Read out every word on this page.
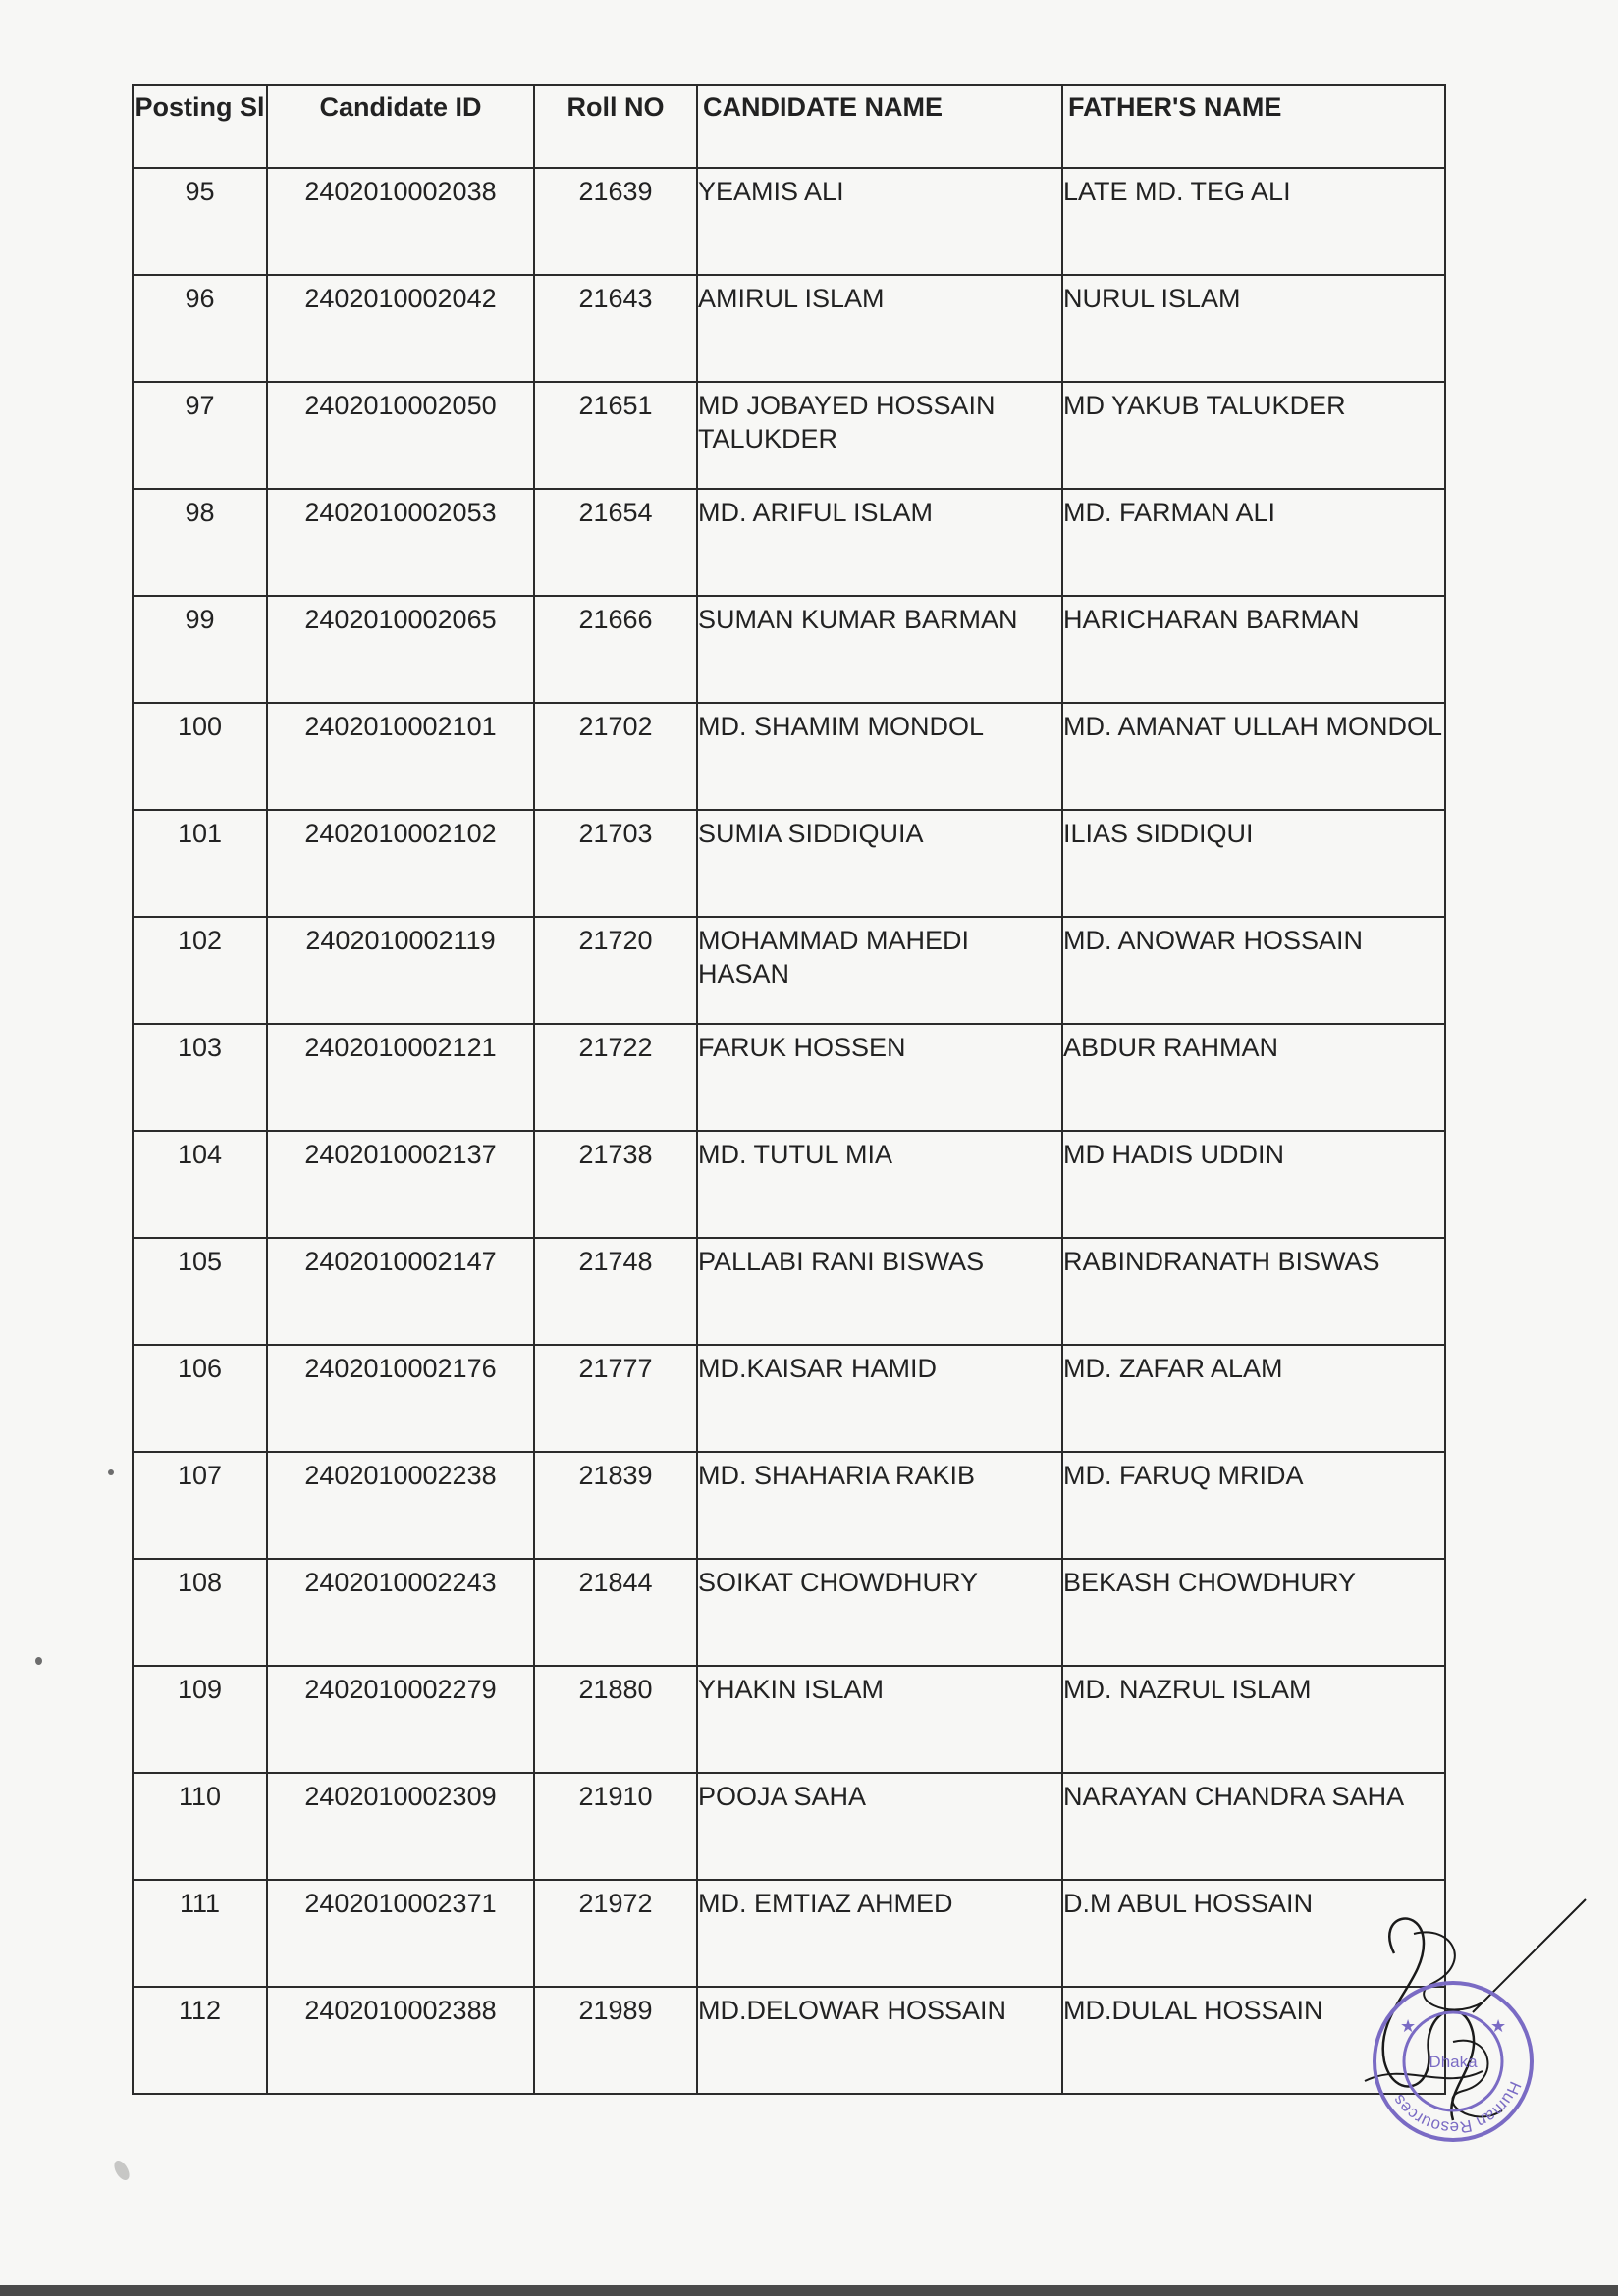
Posting Sl	Candidate ID	Roll NO	CANDIDATE NAME	FATHER'S NAME
95	2402010002038	21639	YEAMIS ALI	LATE MD. TEG ALI
96	2402010002042	21643	AMIRUL ISLAM	NURUL ISLAM
97	2402010002050	21651	MD JOBAYED HOSSAIN TALUKDER	MD YAKUB TALUKDER
98	2402010002053	21654	MD. ARIFUL ISLAM	MD. FARMAN ALI
99	2402010002065	21666	SUMAN KUMAR BARMAN	HARICHARAN BARMAN
100	2402010002101	21702	MD. SHAMIM MONDOL	MD. AMANAT ULLAH MONDOL
101	2402010002102	21703	SUMIA SIDDIQUIA	ILIAS SIDDIQUI
102	2402010002119	21720	MOHAMMAD MAHEDI HASAN	MD. ANOWAR HOSSAIN
103	2402010002121	21722	FARUK HOSSEN	ABDUR RAHMAN
104	2402010002137	21738	MD. TUTUL MIA	MD HADIS UDDIN
105	2402010002147	21748	PALLABI RANI BISWAS	RABINDRANATH BISWAS
106	2402010002176	21777	MD.KAISAR HAMID	MD. ZAFAR ALAM
107	2402010002238	21839	MD. SHAHARIA RAKIB	MD. FARUQ MRIDA
108	2402010002243	21844	SOIKAT CHOWDHURY	BEKASH CHOWDHURY
109	2402010002279	21880	YHAKIN ISLAM	MD. NAZRUL ISLAM
110	2402010002309	21910	POOJA SAHA	NARAYAN CHANDRA SAHA
111	2402010002371	21972	MD. EMTIAZ AHMED	D.M ABUL HOSSAIN
112	2402010002388	21989	MD.DELOWAR HOSSAIN	MD.DULAL HOSSAIN
Human Resources
Dhaka
★	★
